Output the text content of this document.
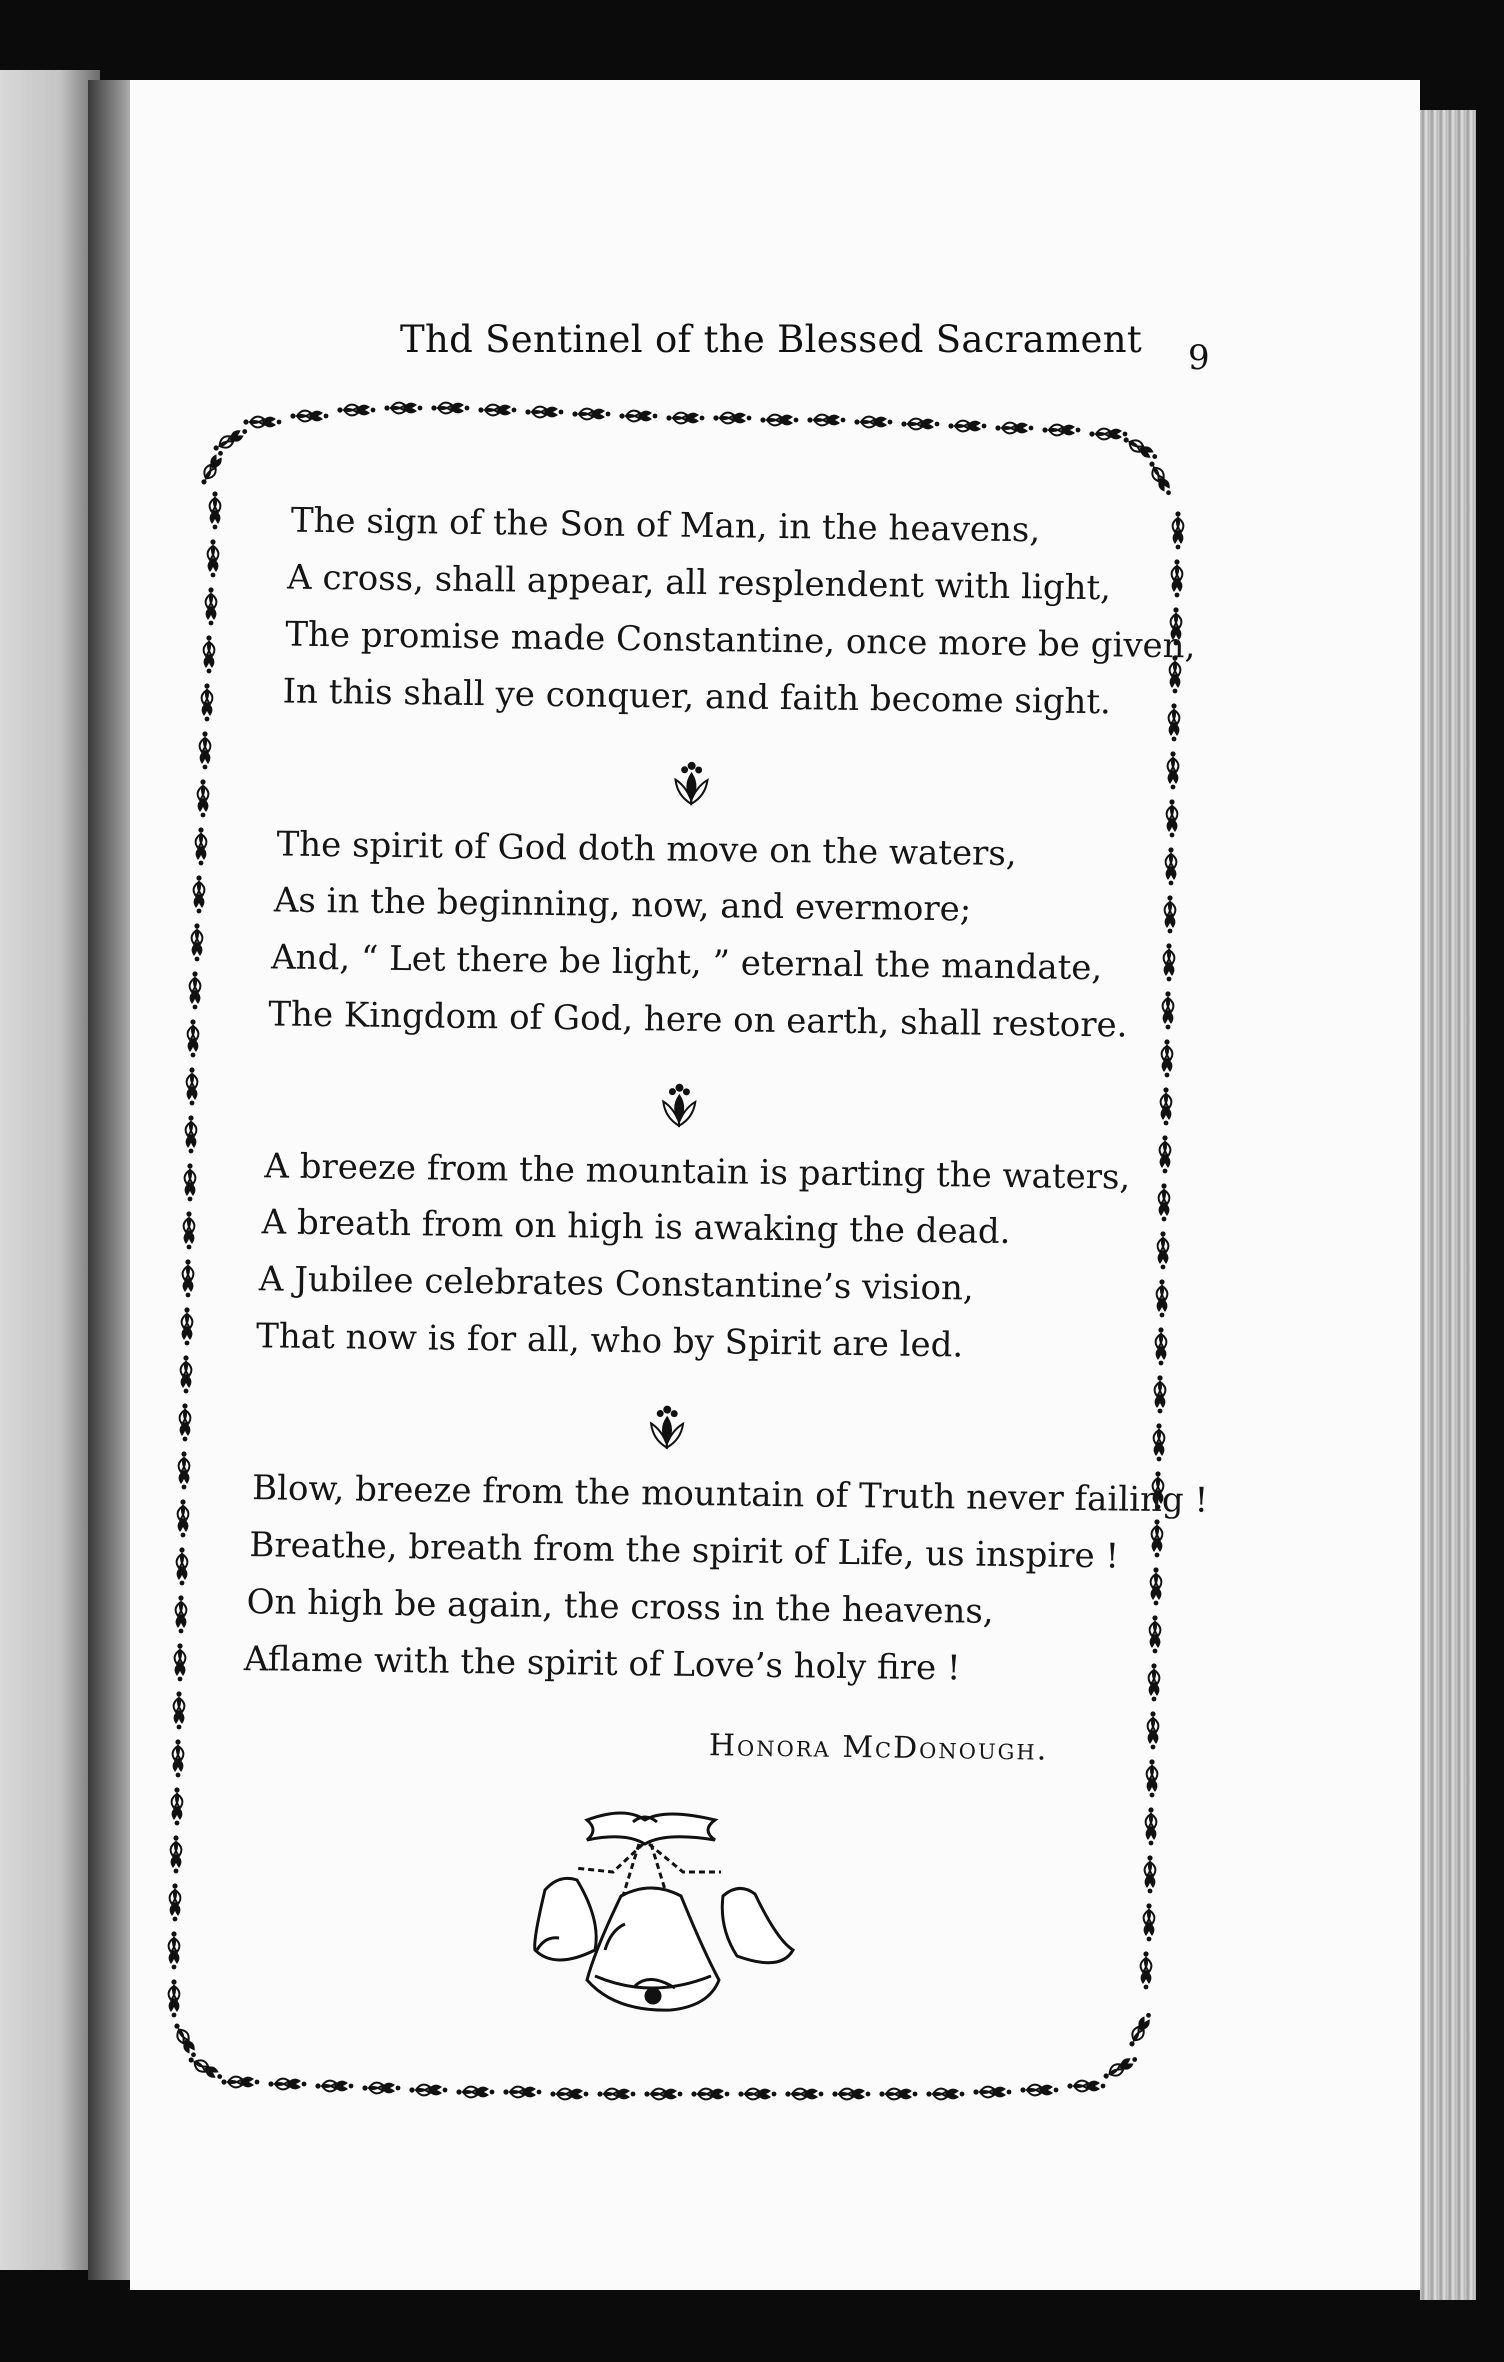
Thd Sentinel of the Blessed Sacrament 9
The sign of the Son of Man, in the heavens,
A cross, shall appear, all resplendent with light,
The promise made Constantine, once more be given,
In this shall ye conquer, and faith become sight.
The spirit of God doth move on the waters,
As in the beginning, now, and evermore;
And, “ Let there be light, ” eternal the mandate,
The Kingdom of God, here on earth, shall restore.
A breeze from the mountain is parting the waters,
A breath from on high is awaking the dead.
A Jubilee celebrates Constantine’s vision,
That now is for all, who by Spirit are led.
Blow, breeze from the mountain of Truth never failing !
Breathe, breath from the spirit of Life, us inspire !
On high be again, the cross in the heavens,
Aflame with the spirit of Love’s holy fire !
Honora McDonough.
